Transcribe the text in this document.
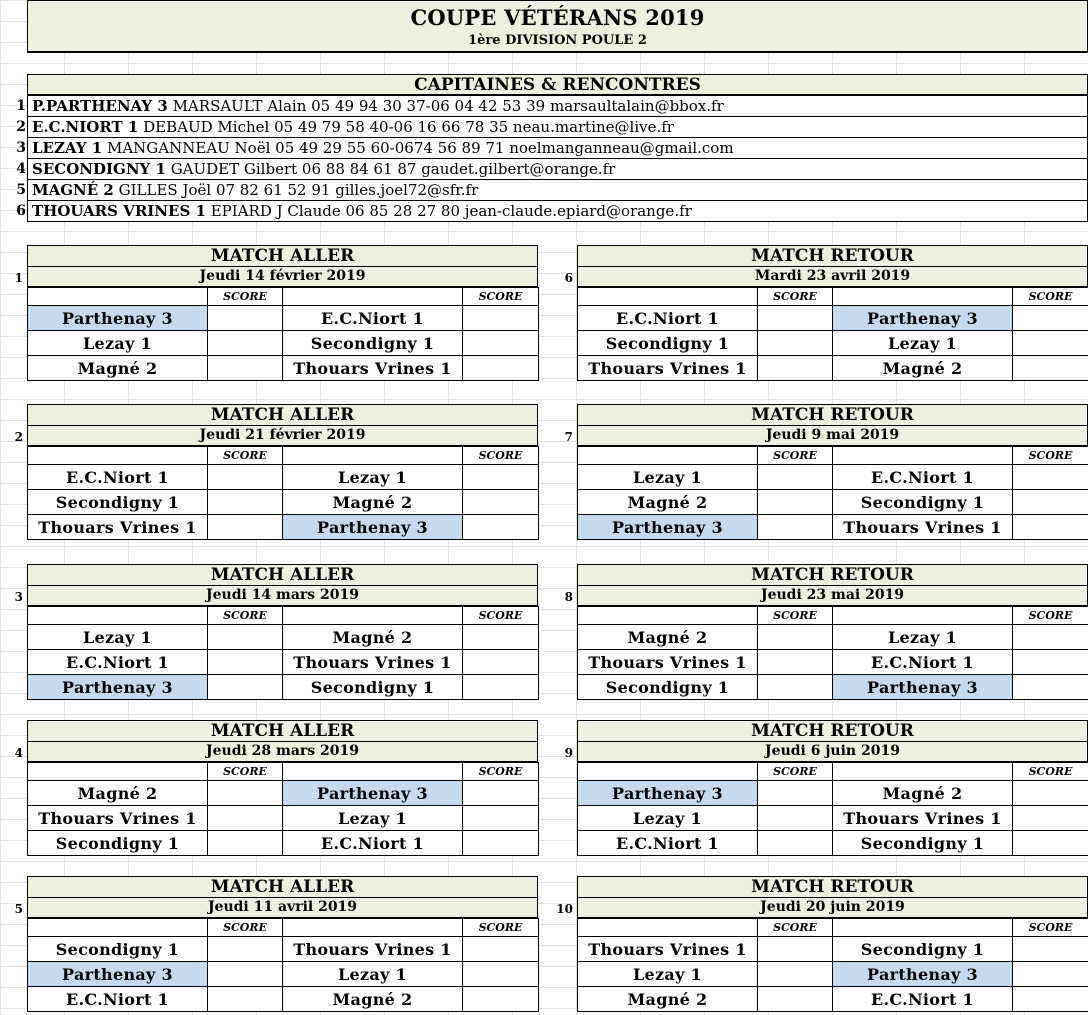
COUPE VÉTÉRANS 2019
1ère DIVISION POULE 2
CAPITAINES & RENCONTRES
1 P.PARTHENAY 3 MARSAULT Alain 05 49 94 30 37-06 04 42 53 39 marsaultalain@bbox.fr
2 E.C.NIORT 1 DEBAUD Michel 05 49 79 58 40-06 16 66 78 35 neau.martine@live.fr
3 LEZAY 1 MANGANNEAU Noël 05 49 29 55 60-0674 56 89 71 noelmanganneau@gmail.com
4 SECONDIGNY 1 GAUDET Gilbert 06 88 84 61 87 gaudet.gilbert@orange.fr
5 MAGNÉ 2 GILLES Joël 07 82 61 52 91 gilles.joel72@sfr.fr
6 THOUARS VRINES 1 EPIARD J Claude 06 85 28 27 80 jean-claude.epiard@orange.fr
MATCH ALLER
1	Jeudi 14 février 2019
	SCORE		SCORE
Parthenay 3		E.C.Niort 1	
Lezay 1		Secondigny 1	
Magné 2		Thouars Vrines 1	
MATCH RETOUR
6	Mardi 23 avril 2019
	SCORE		SCORE
E.C.Niort 1		Parthenay 3	
Secondigny 1		Lezay 1	
Thouars Vrines 1		Magné 2	
MATCH ALLER
2	Jeudi 21 février 2019
	SCORE		SCORE
E.C.Niort 1		Lezay 1	
Secondigny 1		Magné 2	
Thouars Vrines 1		Parthenay 3	
MATCH RETOUR
7	Jeudi 9 mai 2019
	SCORE		SCORE
Lezay 1		E.C.Niort 1	
Magné 2		Secondigny 1	
Parthenay 3		Thouars Vrines 1	
MATCH ALLER
3	Jeudi 14 mars 2019
	SCORE		SCORE
Lezay 1		Magné 2	
E.C.Niort 1		Thouars Vrines 1	
Parthenay 3		Secondigny 1	
MATCH RETOUR
8	Jeudi 23 mai 2019
	SCORE		SCORE
Magné 2		Lezay 1	
Thouars Vrines 1		E.C.Niort 1	
Secondigny 1		Parthenay 3	
MATCH ALLER
4	Jeudi 28 mars 2019
	SCORE		SCORE
Magné 2		Parthenay 3	
Thouars Vrines 1		Lezay 1	
Secondigny 1		E.C.Niort 1	
MATCH RETOUR
9	Jeudi 6 juin 2019
	SCORE		SCORE
Parthenay 3		Magné 2	
Lezay 1		Thouars Vrines 1	
E.C.Niort 1		Secondigny 1	
MATCH ALLER
5	Jeudi 11 avril 2019
	SCORE		SCORE
Secondigny 1		Thouars Vrines 1	
Parthenay 3		Lezay 1	
E.C.Niort 1		Magné 2	
MATCH RETOUR
10	Jeudi 20 juin 2019
	SCORE		SCORE
Thouars Vrines 1		Secondigny 1	
Lezay 1		Parthenay 3	
Magné 2		E.C.Niort 1	
